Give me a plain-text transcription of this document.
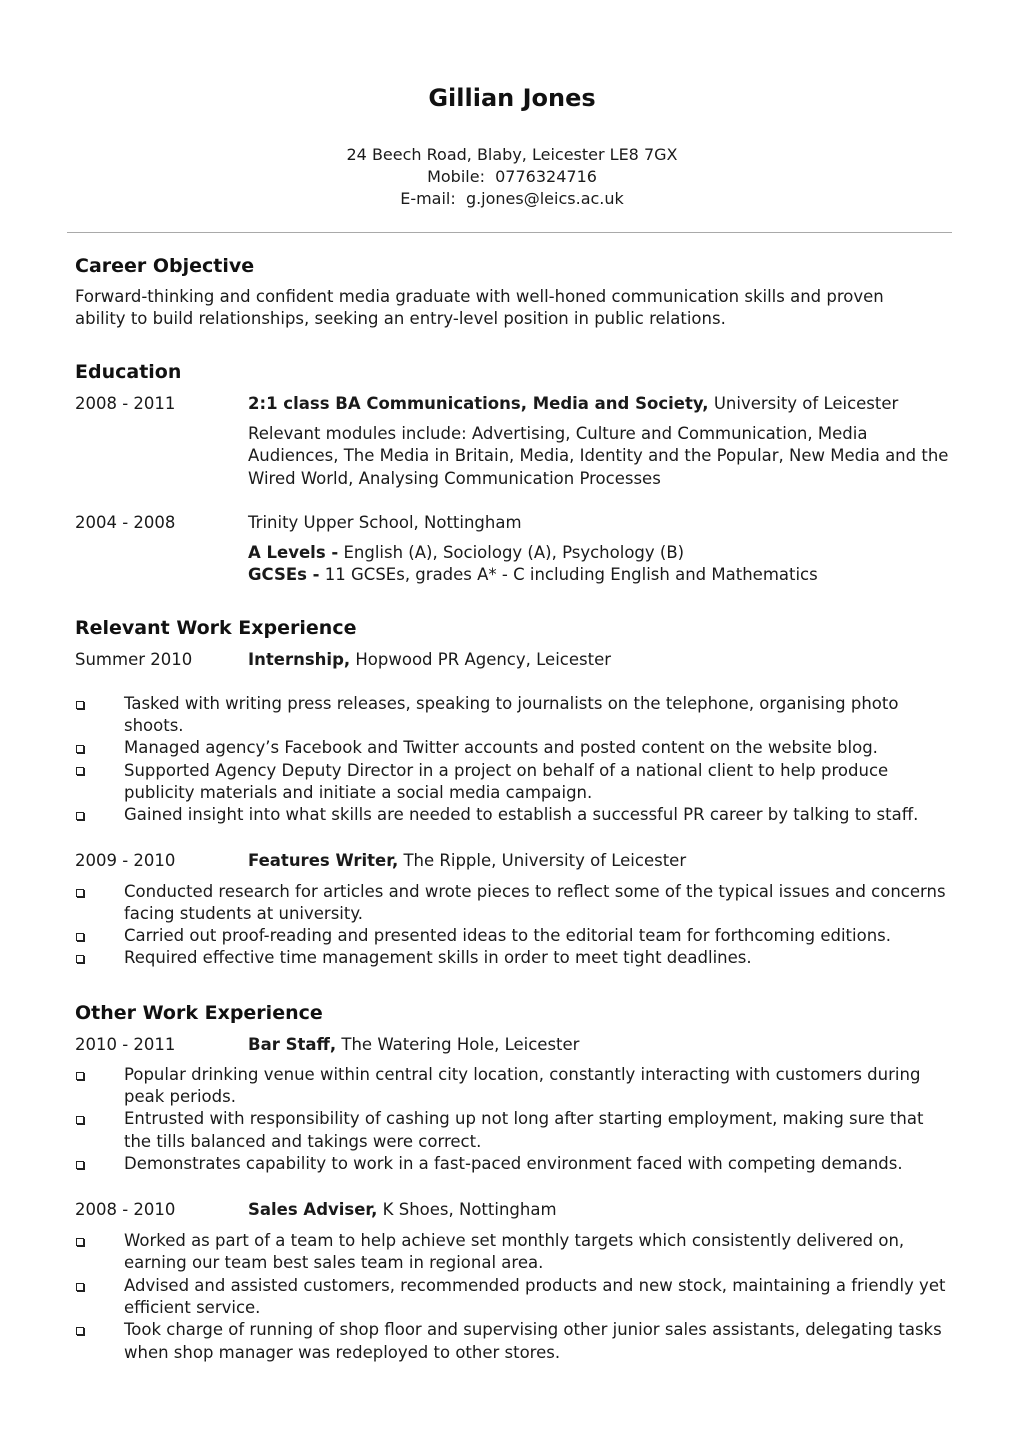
Gillian Jones
24 Beech Road, Blaby, Leicester LE8 7GX
Mobile: 0776324716
E-mail: g.jones@leics.ac.uk
Career Objective
Forward-thinking and confident media graduate with well-honed communication skills and proven
ability to build relationships, seeking an entry-level position in public relations.
Education
2008 - 2011	2:1 class BA Communications, Media and Society, University of Leicester
Relevant modules include: Advertising, Culture and Communication, Media
Audiences, The Media in Britain, Media, Identity and the Popular, New Media and the
Wired World, Analysing Communication Processes
2004 - 2008	Trinity Upper School, Nottingham
A Levels - English (A), Sociology (A), Psychology (B)
GCSEs - 11 GCSEs, grades A* - C including English and Mathematics
Relevant Work Experience
Summer 2010	Internship, Hopwood PR Agency, Leicester
Tasked with writing press releases, speaking to journalists on the telephone, organising photo
shoots.
Managed agency’s Facebook and Twitter accounts and posted content on the website blog.
Supported Agency Deputy Director in a project on behalf of a national client to help produce
publicity materials and initiate a social media campaign.
Gained insight into what skills are needed to establish a successful PR career by talking to staff.
2009 - 2010	Features Writer, The Ripple, University of Leicester
Conducted research for articles and wrote pieces to reflect some of the typical issues and concerns
facing students at university.
Carried out proof-reading and presented ideas to the editorial team for forthcoming editions.
Required effective time management skills in order to meet tight deadlines.
Other Work Experience
2010 - 2011	Bar Staff, The Watering Hole, Leicester
Popular drinking venue within central city location, constantly interacting with customers during
peak periods.
Entrusted with responsibility of cashing up not long after starting employment, making sure that
the tills balanced and takings were correct.
Demonstrates capability to work in a fast-paced environment faced with competing demands.
2008 - 2010	Sales Adviser, K Shoes, Nottingham
Worked as part of a team to help achieve set monthly targets which consistently delivered on,
earning our team best sales team in regional area.
Advised and assisted customers, recommended products and new stock, maintaining a friendly yet
efficient service.
Took charge of running of shop floor and supervising other junior sales assistants, delegating tasks
when shop manager was redeployed to other stores.
